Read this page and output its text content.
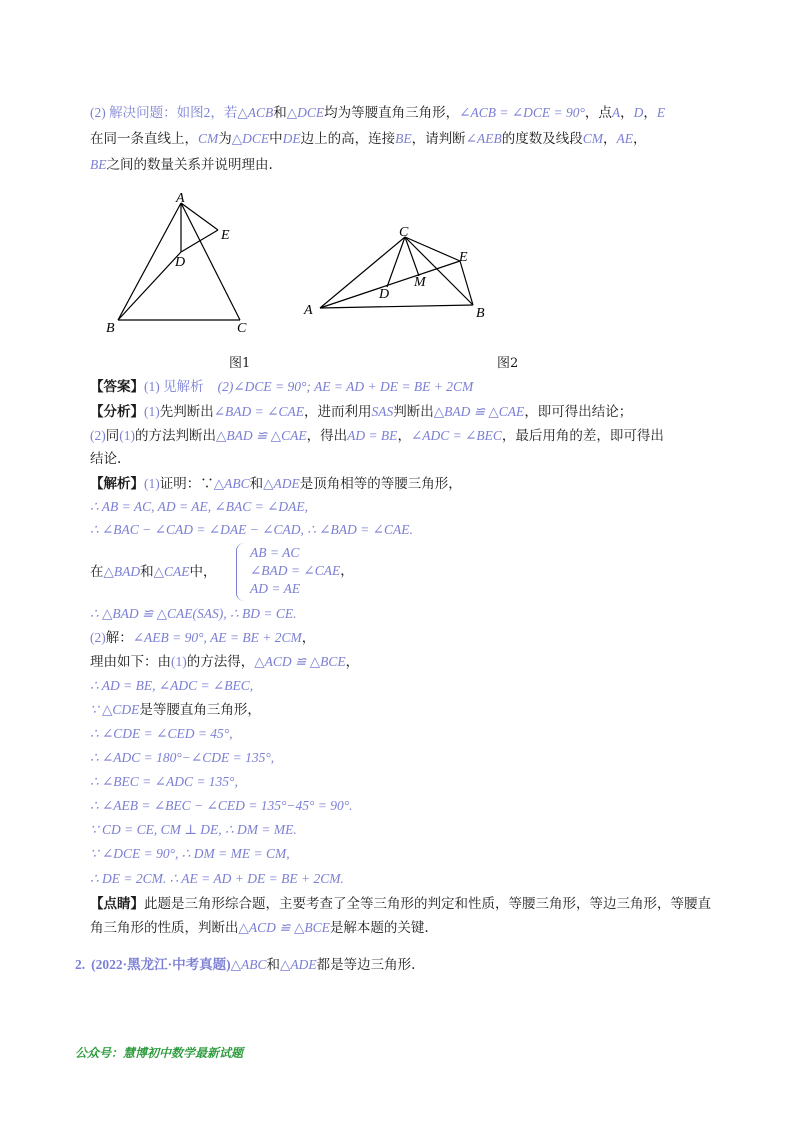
(2) 解决问题：如图2，若△ACB和△DCE均为等腰直角三角形，∠ACB = ∠DCE = 90°，点A，D，E
在同一条直线上，CM为△DCE中DE边上的高，连接BE，请判断∠AEB的度数及线段CM，AE，
BE之间的数量关系并说明理由.
A
B	C
D
E	C
A	B
E
D
M
图1	图2
【答案】(1) 见解析 (2)∠DCE = 90°; AE = AD + DE = BE + 2CM
【分析】(1)先判断出∠BAD = ∠CAE，进而利用SAS判断出△BAD ≌ △CAE，即可得出结论；
(2)同(1)的方法判断出△BAD ≌ △CAE，得出AD = BE，∠ADC = ∠BEC，最后用角的差，即可得出
结论.
【解析】(1)证明：∵△ABC和△ADE是顶角相等的等腰三角形，
∴ AB = AC, AD = AE, ∠BAC = ∠DAE,
∴ ∠BAC − ∠CAD = ∠DAE − ∠CAD, ∴ ∠BAD = ∠CAE.
在△BAD和△CAE中，
AB = AC
∠BAD = ∠CAE，
AD = AE
∴ △BAD ≌ △CAE(SAS), ∴ BD = CE.
(2)解：∠AEB = 90°, AE = BE + 2CM，
理由如下：由(1)的方法得，△ACD ≌ △BCE，
∴ AD = BE, ∠ADC = ∠BEC,
∵ △CDE是等腰直角三角形，
∴ ∠CDE = ∠CED = 45°,
∴ ∠ADC = 180°−∠CDE = 135°,
∴ ∠BEC = ∠ADC = 135°,
∴ ∠AEB = ∠BEC − ∠CED = 135°−45° = 90°.
∵ CD = CE, CM ⊥ DE, ∴ DM = ME.
∵ ∠DCE = 90°, ∴ DM = ME = CM,
∴ DE = 2CM. ∴ AE = AD + DE = BE + 2CM.
【点睛】此题是三角形综合题，主要考查了全等三角形的判定和性质，等腰三角形，等边三角形，等腰直
角三角形的性质，判断出△ACD ≌ △BCE是解本题的关键.
2. (2022·黑龙江·中考真题)△ABC和△ADE都是等边三角形.
公众号：慧博初中数学最新试题
